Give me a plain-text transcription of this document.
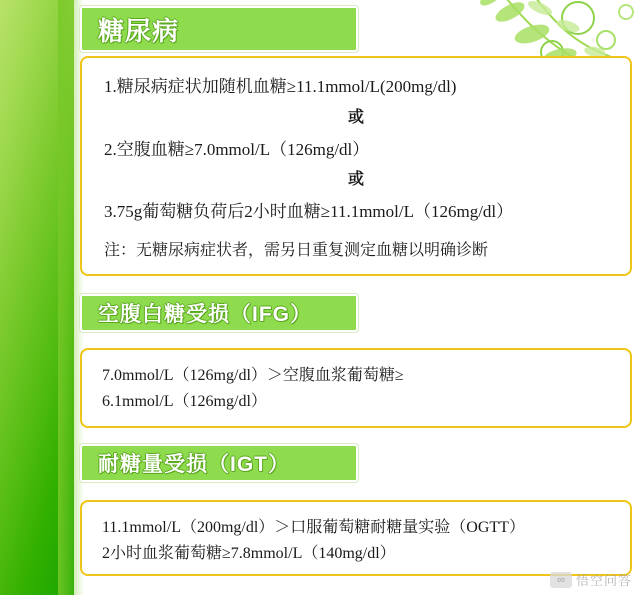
糖尿病
1.糖尿病症状加随机血糖≥11.1mmol/L(200mg/dl)
或
2.空腹血糖≥7.0mmol/L（126mg/dl）
或
3.75g葡萄糖负荷后2小时血糖≥11.1mmol/L（126mg/dl）
注：无糖尿病症状者，需另日重复测定血糖以明确诊断
空腹白糖受损（IFG）
7.0mmol/L（126mg/dl）＞空腹血浆葡萄糖≥
6.1mmol/L（126mg/dl）
耐糖量受损（IGT）
11.1mmol/L（200mg/dl）＞口服葡萄糖耐糖量实验（OGTT）
2小时血浆葡萄糖≥7.8mmol/L（140mg/dl）
∞ 悟空问答
